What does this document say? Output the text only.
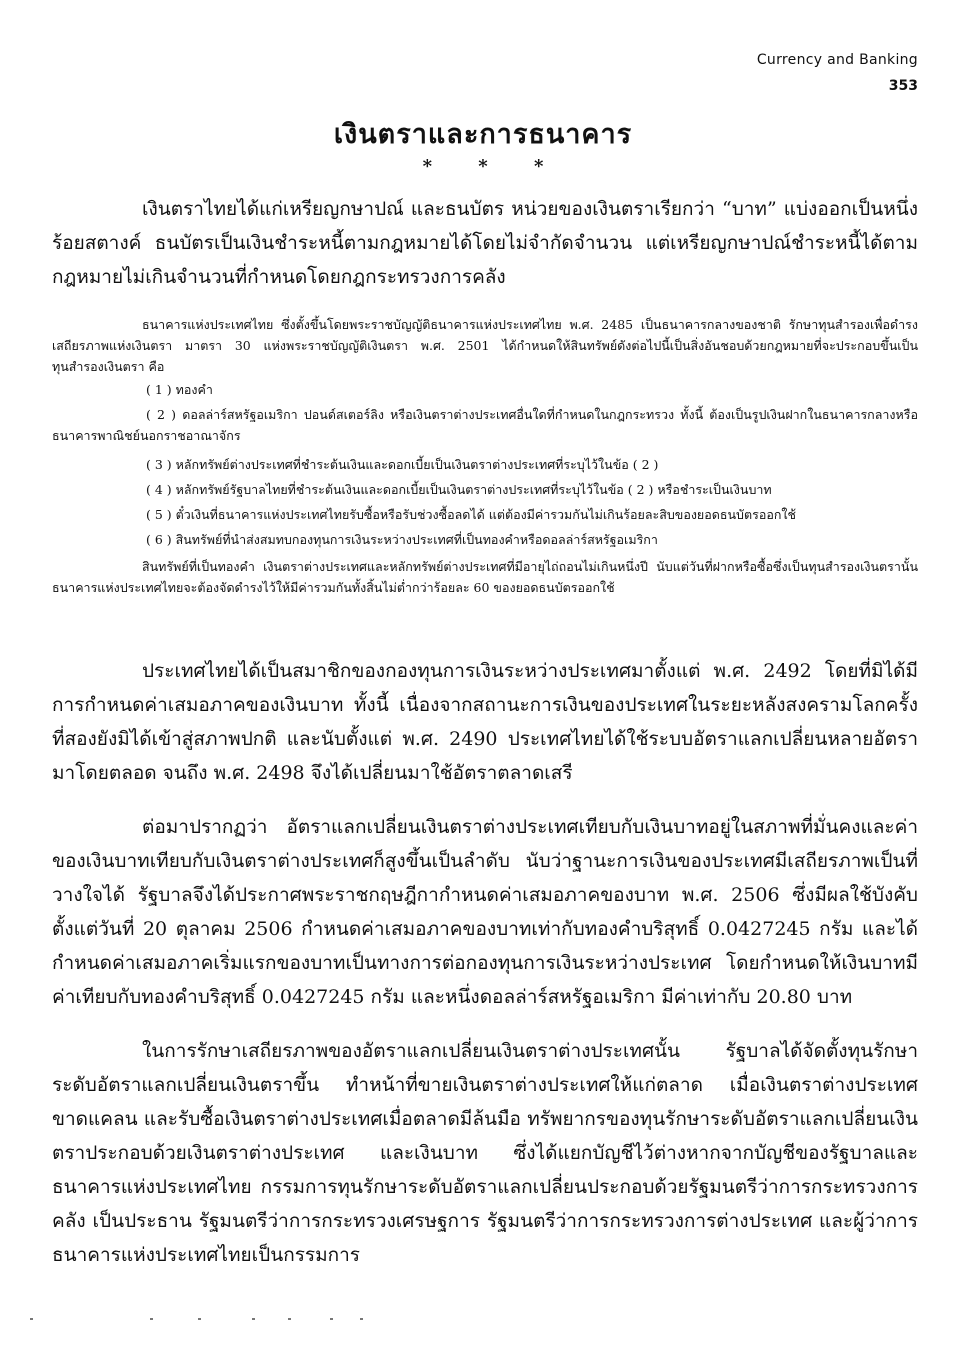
Currency and Banking
353
เงินตราและการธนาคาร
* * *

เงินตราไทยได้แก่เหรียญกษาปณ์ และธนบัตร หน่วยของเงินตราเรียกว่า “บาท” แบ่งออกเป็นหนึ่งร้อยสตางค์ ธนบัตรเป็นเงินชำระหนี้ตามกฎหมายได้โดยไม่จำกัดจำนวน แต่เหรียญกษาปณ์ชำระหนี้ได้ตามกฎหมายไม่เกินจำนวนที่กำหนดโดยกฎกระทรวงการคลัง

ธนาคารแห่งประเทศไทย ซึ่งตั้งขึ้นโดยพระราชบัญญัติธนาคารแห่งประเทศไทย พ.ศ. 2485 เป็นธนาคารกลางของชาติ รักษาทุนสำรองเพื่อดำรงเสถียรภาพแห่งเงินตรา มาตรา 30 แห่งพระราชบัญญัติเงินตรา พ.ศ. 2501 ได้กำหนดให้สินทรัพย์ดังต่อไปนี้เป็นสิ่งอันชอบด้วยกฎหมายที่จะประกอบขึ้นเป็นทุนสำรองเงินตรา คือ

( 1 ) ทองคำ

( 2 ) ดอลล่าร์สหรัฐอเมริกา ปอนด์สเตอร์ลิง หรือเงินตราต่างประเทศอื่นใดที่กำหนดในกฎกระทรวง ทั้งนี้ ต้องเป็นรูปเงินฝากในธนาคารกลางหรือธนาคารพาณิชย์นอกราชอาณาจักร

( 3 ) หลักทรัพย์ต่างประเทศที่ชำระต้นเงินและดอกเบี้ยเป็นเงินตราต่างประเทศที่ระบุไว้ในข้อ ( 2 )

( 4 ) หลักทรัพย์รัฐบาลไทยที่ชำระต้นเงินและดอกเบี้ยเป็นเงินตราต่างประเทศที่ระบุไว้ในข้อ ( 2 ) หรือชำระเป็นเงินบาท

( 5 ) ตั๋วเงินที่ธนาคารแห่งประเทศไทยรับซื้อหรือรับช่วงซื้อลดได้ แต่ต้องมีค่ารวมกันไม่เกินร้อยละสิบของยอดธนบัตรออกใช้

( 6 ) สินทรัพย์ที่นำส่งสมทบกองทุนการเงินระหว่างประเทศที่เป็นทองคำหรือดอลล่าร์สหรัฐอเมริกา

สินทรัพย์ที่เป็นทองคำ เงินตราต่างประเทศและหลักทรัพย์ต่างประเทศที่มีอายุไถ่ถอนไม่เกินหนึ่งปี นับแต่วันที่ฝากหรือซื้อซึ่งเป็นทุนสำรองเงินตรานั้น ธนาคารแห่งประเทศไทยจะต้องจัดดำรงไว้ให้มีค่ารวมกันทั้งสิ้นไม่ต่ำกว่าร้อยละ 60 ของยอดธนบัตรออกใช้

ประเทศไทยได้เป็นสมาชิกของกองทุนการเงินระหว่างประเทศมาตั้งแต่ พ.ศ. 2492 โดยที่มิได้มีการกำหนดค่าเสมอภาคของเงินบาท ทั้งนี้ เนื่องจากสถานะการเงินของประเทศในระยะหลังสงครามโลกครั้งที่สองยังมิได้เข้าสู่สภาพปกติ และนับตั้งแต่ พ.ศ. 2490 ประเทศไทยได้ใช้ระบบอัตราแลกเปลี่ยนหลายอัตรามาโดยตลอด จนถึง พ.ศ. 2498 จึงได้เปลี่ยนมาใช้อัตราตลาดเสรี

ต่อมาปรากฏว่า อัตราแลกเปลี่ยนเงินตราต่างประเทศเทียบกับเงินบาทอยู่ในสภาพที่มั่นคงและค่าของเงินบาทเทียบกับเงินตราต่างประเทศก็สูงขึ้นเป็นลำดับ นับว่าฐานะการเงินของประเทศมีเสถียรภาพเป็นที่วางใจได้ รัฐบาลจึงได้ประกาศพระราชกฤษฎีกากำหนดค่าเสมอภาคของบาท พ.ศ. 2506 ซึ่งมีผลใช้บังคับตั้งแต่วันที่ 20 ตุลาคม 2506 กำหนดค่าเสมอภาคของบาทเท่ากับทองคำบริสุทธิ์ 0.0427245 กรัม และได้กำหนดค่าเสมอภาคเริ่มแรกของบาทเป็นทางการต่อกองทุนการเงินระหว่างประเทศ โดยกำหนดให้เงินบาทมีค่าเทียบกับทองคำบริสุทธิ์ 0.0427245 กรัม และหนึ่งดอลล่าร์สหรัฐอเมริกา มีค่าเท่ากับ 20.80 บาท

ในการรักษาเสถียรภาพของอัตราแลกเปลี่ยนเงินตราต่างประเทศนั้น รัฐบาลได้จัดตั้งทุนรักษาระดับอัตราแลกเปลี่ยนเงินตราขึ้น ทำหน้าที่ขายเงินตราต่างประเทศให้แก่ตลาด เมื่อเงินตราต่างประเทศขาดแคลน และรับซื้อเงินตราต่างประเทศเมื่อตลาดมีล้นมือ ทรัพยากรของทุนรักษาระดับอัตราแลกเปลี่ยนเงินตราประกอบด้วยเงินตราต่างประเทศ และเงินบาท ซึ่งได้แยกบัญชีไว้ต่างหากจากบัญชีของรัฐบาลและธนาคารแห่งประเทศไทย กรรมการทุนรักษาระดับอัตราแลกเปลี่ยนประกอบด้วยรัฐมนตรีว่าการกระทรวงการคลัง เป็นประธาน รัฐมนตรีว่าการกระทรวงเศรษฐการ รัฐมนตรีว่าการกระทรวงการต่างประเทศ และผู้ว่าการธนาคารแห่งประเทศไทยเป็นกรรมการ
